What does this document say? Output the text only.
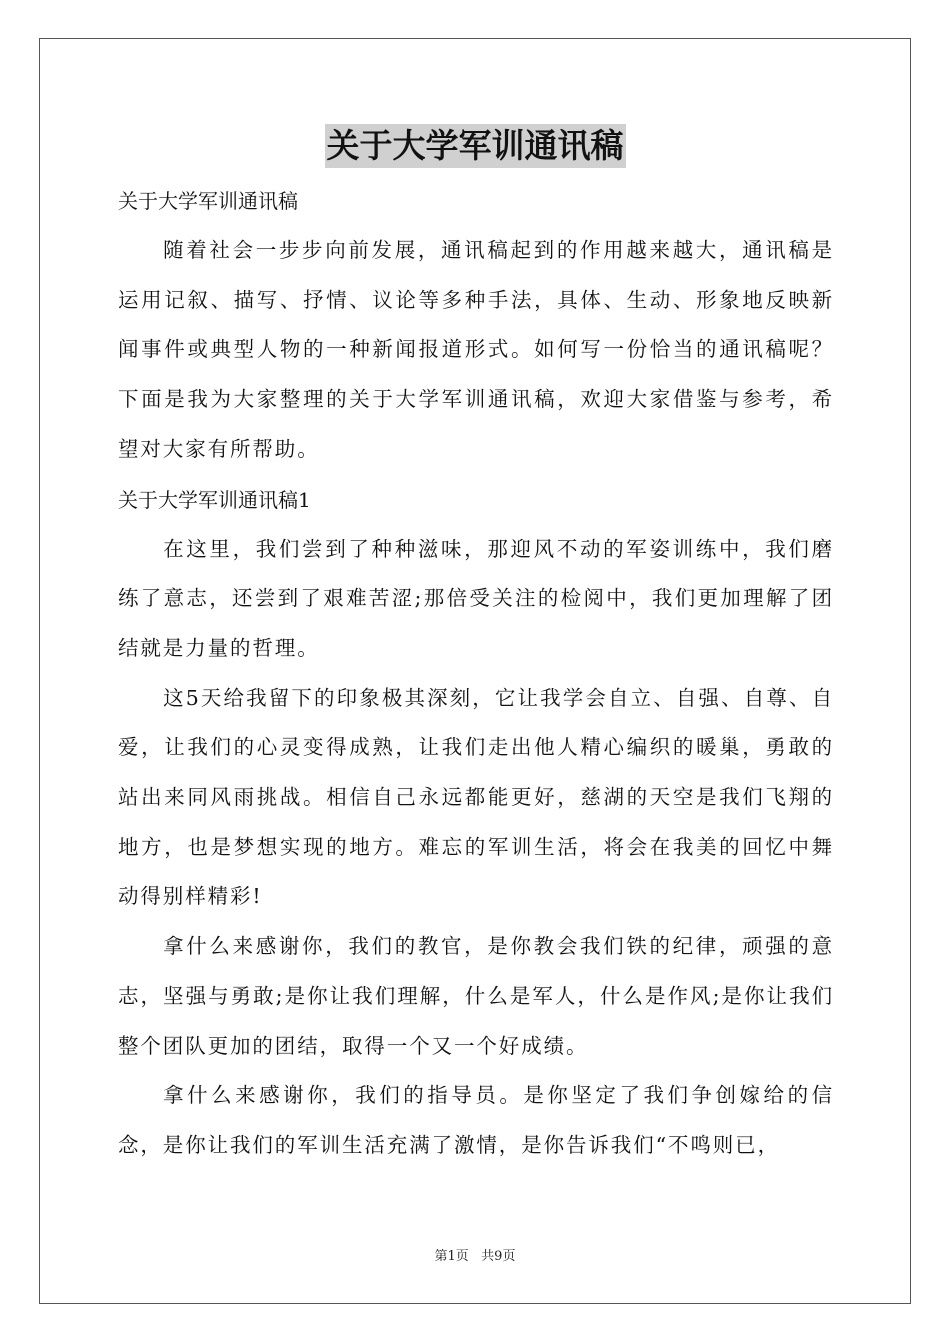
关于大学军训通讯稿

关于大学军训通讯稿

随着社会一步步向前发展，通讯稿起到的作用越来越大，通讯稿是运用记叙、描写、抒情、议论等多种手法，具体、生动、形象地反映新闻事件或典型人物的一种新闻报道形式。如何写一份恰当的通讯稿呢？下面是我为大家整理的关于大学军训通讯稿，欢迎大家借鉴与参考，希望对大家有所帮助。

关于大学军训通讯稿1

在这里，我们尝到了种种滋味，那迎风不动的军姿训练中，我们磨练了意志，还尝到了艰难苦涩;那倍受关注的检阅中，我们更加理解了团结就是力量的哲理。

这5天给我留下的印象极其深刻，它让我学会自立、自强、自尊、自爱，让我们的心灵变得成熟，让我们走出他人精心编织的暖巢，勇敢的站出来同风雨挑战。相信自己永远都能更好，慈湖的天空是我们飞翔的地方，也是梦想实现的地方。难忘的军训生活，将会在我美的回忆中舞动得别样精彩!

拿什么来感谢你，我们的教官，是你教会我们铁的纪律，顽强的意志，坚强与勇敢;是你让我们理解，什么是军人，什么是作风;是你让我们整个团队更加的团结，取得一个又一个好成绩。

拿什么来感谢你，我们的指导员。是你坚定了我们争创嫁给的信念，是你让我们的军训生活充满了激情，是你告诉我们“不鸣则已，

第1页   共9页
